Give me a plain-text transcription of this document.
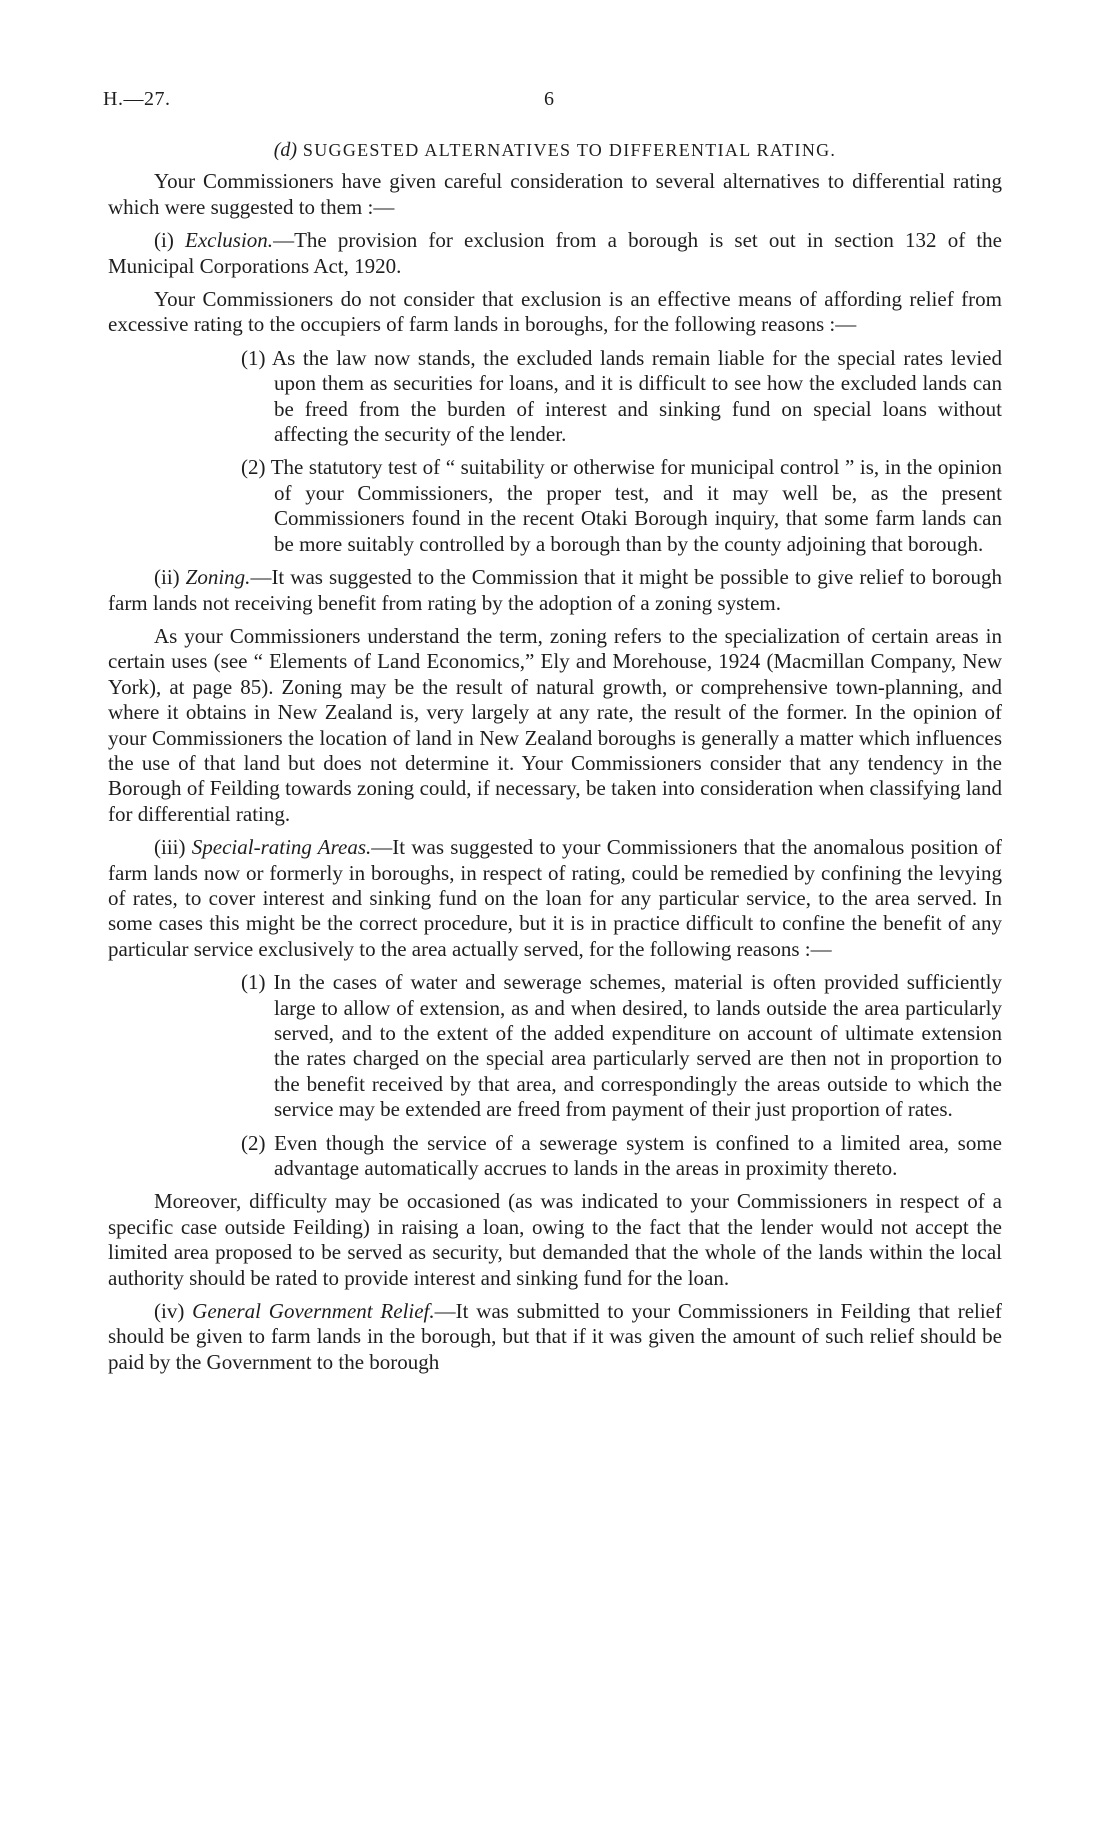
H.—27.	6
(d) SUGGESTED ALTERNATIVES TO DIFFERENTIAL RATING.

Your Commissioners have given careful consideration to several alternatives to differential rating which were suggested to them :—

(i) Exclusion.—The provision for exclusion from a borough is set out in section 132 of the Municipal Corporations Act, 1920.

Your Commissioners do not consider that exclusion is an effective means of affording relief from excessive rating to the occupiers of farm lands in boroughs, for the following reasons :—

(1) As the law now stands, the excluded lands remain liable for the special rates levied upon them as securities for loans, and it is difficult to see how the excluded lands can be freed from the burden of interest and sinking fund on special loans without affecting the security of the lender.

(2) The statutory test of “ suitability or otherwise for municipal control ” is, in the opinion of your Commissioners, the proper test, and it may well be, as the present Commissioners found in the recent Otaki Borough inquiry, that some farm lands can be more suitably controlled by a borough than by the county adjoining that borough.

(ii) Zoning.—It was suggested to the Commission that it might be possible to give relief to borough farm lands not receiving benefit from rating by the adoption of a zoning system.

As your Commissioners understand the term, zoning refers to the specialization of certain areas in certain uses (see “ Elements of Land Economics,” Ely and Morehouse, 1924 (Macmillan Company, New York), at page 85). Zoning may be the result of natural growth, or comprehensive town-planning, and where it obtains in New Zealand is, very largely at any rate, the result of the former. In the opinion of your Commissioners the location of land in New Zealand boroughs is generally a matter which influences the use of that land but does not determine it. Your Commissioners consider that any tendency in the Borough of Feilding towards zoning could, if necessary, be taken into consideration when classifying land for differential rating.

(iii) Special-rating Areas.—It was suggested to your Commissioners that the anomalous position of farm lands now or formerly in boroughs, in respect of rating, could be remedied by confining the levying of rates, to cover interest and sinking fund on the loan for any particular service, to the area served. In some cases this might be the correct procedure, but it is in practice difficult to confine the benefit of any particular service exclusively to the area actually served, for the following reasons :—

(1) In the cases of water and sewerage schemes, material is often provided sufficiently large to allow of extension, as and when desired, to lands outside the area particularly served, and to the extent of the added expenditure on account of ultimate extension the rates charged on the special area particularly served are then not in proportion to the benefit received by that area, and correspondingly the areas outside to which the service may be extended are freed from payment of their just proportion of rates.

(2) Even though the service of a sewerage system is confined to a limited area, some advantage automatically accrues to lands in the areas in proximity thereto.

Moreover, difficulty may be occasioned (as was indicated to your Commissioners in respect of a specific case outside Feilding) in raising a loan, owing to the fact that the lender would not accept the limited area proposed to be served as security, but demanded that the whole of the lands within the local authority should be rated to provide interest and sinking fund for the loan.

(iv) General Government Relief.—It was submitted to your Commissioners in Feilding that relief should be given to farm lands in the borough, but that if it was given the amount of such relief should be paid by the Government to the borough
